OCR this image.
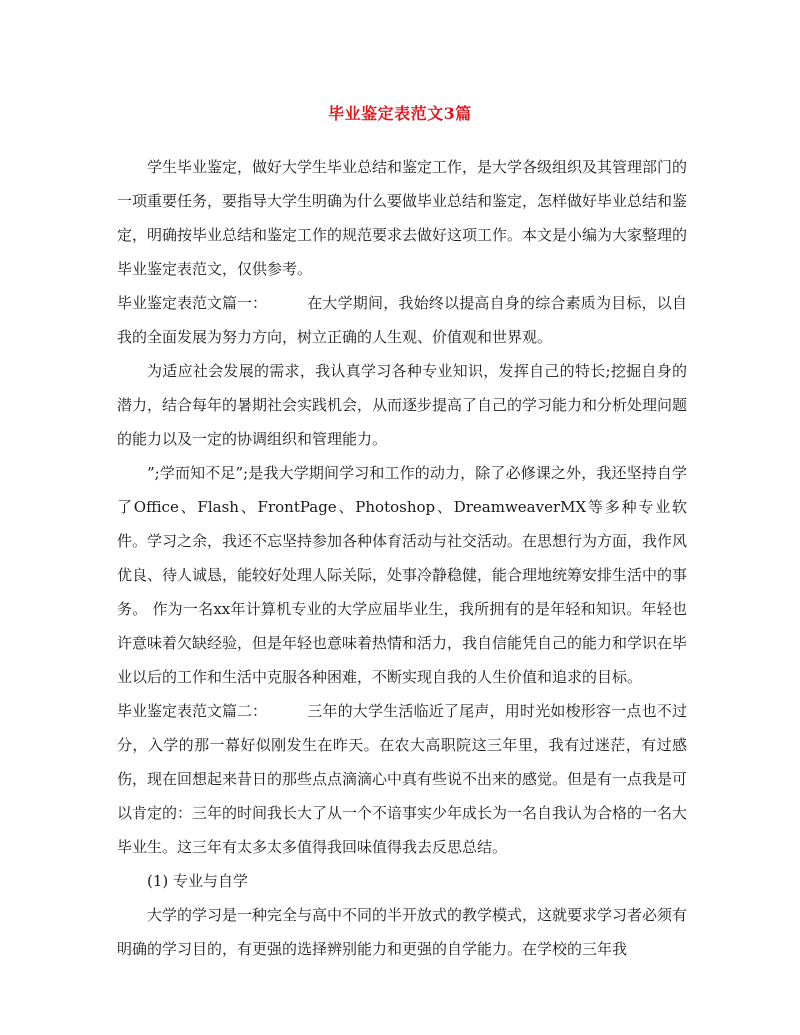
毕业鉴定表范文3篇

学生毕业鉴定，做好大学生毕业总结和鉴定工作，是大学各级组织及其管理部门的一项重要任务，要指导大学生明确为什么要做毕业总结和鉴定，怎样做好毕业总结和鉴定，明确按毕业总结和鉴定工作的规范要求去做好这项工作。本文是小编为大家整理的毕业鉴定表范文，仅供参考。

毕业鉴定表范文篇一：	在大学期间，我始终以提高自身的综合素质为目标，以自我的全面发展为努力方向，树立正确的人生观、价值观和世界观。

为适应社会发展的需求，我认真学习各种专业知识，发挥自己的特长;挖掘自身的潜力，结合每年的暑期社会实践机会，从而逐步提高了自己的学习能力和分析处理问题的能力以及一定的协调组织和管理能力。

”;学而知不足”;是我大学期间学习和工作的动力，除了必修课之外，我还坚持自学了Office、Flash、FrontPage、Photoshop、DreamweaverMX等多种专业软件。学习之余，我还不忘坚持参加各种体育活动与社交活动。在思想行为方面，我作风优良、待人诚恳，能较好处理人际关际，处事冷静稳健，能合理地统筹安排生活中的事务。 作为一名xx年计算机专业的大学应届毕业生，我所拥有的是年轻和知识。年轻也许意味着欠缺经验，但是年轻也意味着热情和活力，我自信能凭自己的能力和学识在毕业以后的工作和生活中克服各种困难，不断实现自我的人生价值和追求的目标。

毕业鉴定表范文篇二：	三年的大学生活临近了尾声，用时光如梭形容一点也不过分，入学的那一幕好似刚发生在昨天。在农大高职院这三年里，我有过迷茫，有过感伤，现在回想起来昔日的那些点点滴滴心中真有些说不出来的感觉。但是有一点我是可以肯定的：三年的时间我长大了从一个不谙事实少年成长为一名自我认为合格的一名大毕业生。这三年有太多太多值得我回味值得我去反思总结。

(1) 专业与自学

大学的学习是一种完全与高中不同的半开放式的教学模式，这就要求学习者必须有明确的学习目的，有更强的选择辨别能力和更强的自学能力。在学校的三年我
